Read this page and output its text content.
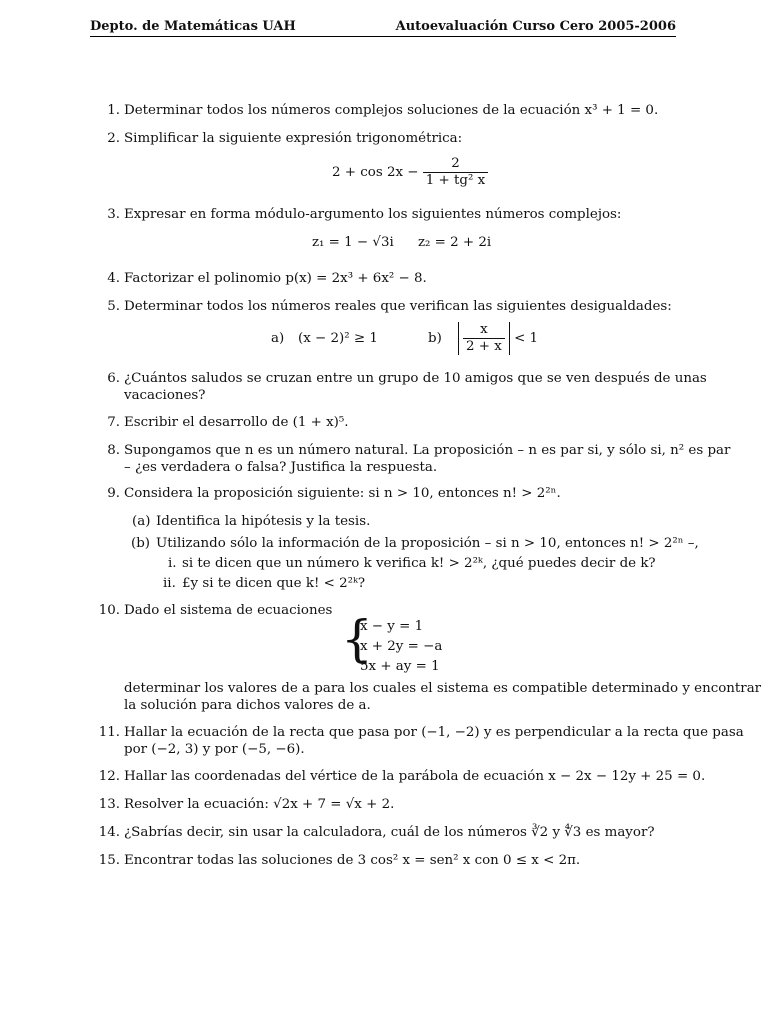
Depto. de Matemáticas UAH	Autoevaluación Curso Cero 2005-2006
1. Determinar todos los números complejos soluciones de la ecuación x³ + 1 = 0.
2. Simplificar la siguiente expresión trigonométrica:
$2 + \cos 2x - \frac{2}{\text{1 + tg² x}}$
3. Expresar en forma módulo-argumento los siguientes números complejos:
z₁ = 1 − √3i z₂ = 2 + 2i
4. Factorizar el polinomio p(x) = 2x³ + 6x² − 8.
5. Determinar todos los números reales que verifican las siguientes desigualdades:
a) (x − 2)² ≥ 1	$b) \frac{x}{2 + x} < 1$
6. ¿Cuántos saludos se cruzan entre un grupo de 10 amigos que se ven después de unas
vacaciones?
7. Escribir el desarrollo de (1 + x)⁵.
8. Supongamos que n es un número natural. La proposición – n es par si, y sólo si, n² es par
– ¿es verdadera o falsa? Justifica la respuesta.
9. Considera la proposición siguiente: si n > 10, entonces n! > 2²ⁿ.
(a) Identifica la hipótesis y la tesis.
(b) Utilizando sólo la información de la proposición – si n > 10, entonces n! > 2²ⁿ –,
i. si te dicen que un número k verifica k! > 2²ᵏ, ¿qué puedes decir de k?
ii. £y si te dicen que k! < 2²ᵏ?
10. Dado el sistema de ecuaciones {
x − y = 1
x + 2y = −a
5x + ay = 1
determinar los valores de a para los cuales el sistema es compatible determinado y encontrar
la solución para dichos valores de a.
11. Hallar la ecuación de la recta que pasa por (−1, −2) y es perpendicular a la recta que pasa
por (−2, 3) y por (−5, −6).
12. Hallar las coordenadas del vértice de la parábola de ecuación x − 2x − 12y + 25 = 0.
13. Resolver la ecuación: √2x + 7 = √x + 2.
14. ¿Sabrías decir, sin usar la calculadora, cuál de los números ∛2 y ∜3 es mayor?
15. Encontrar todas las soluciones de 3 cos² x = sen² x con 0 ≤ x < 2π.
